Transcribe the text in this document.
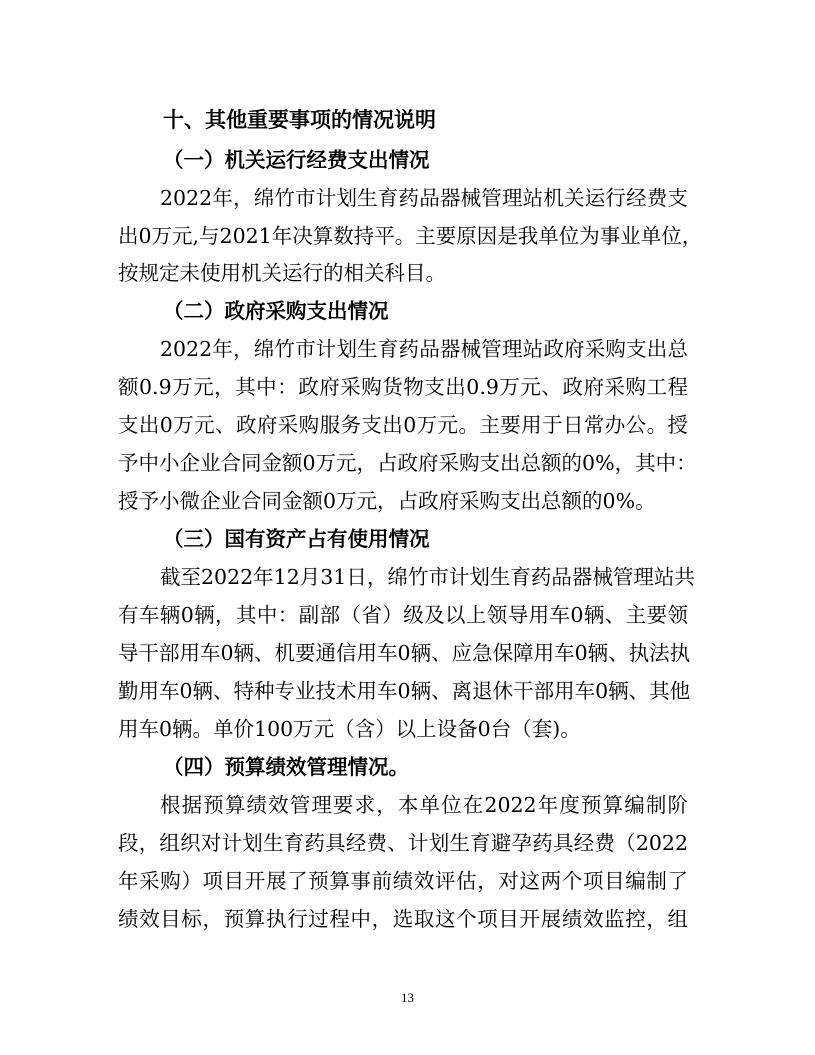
十、其他重要事项的情况说明
（一）机关运行经费支出情况
2022年，绵竹市计划生育药品器械管理站机关运行经费支
出0万元,与2021年决算数持平。主要原因是我单位为事业单位，
按规定未使用机关运行的相关科目。
（二）政府采购支出情况
2022年，绵竹市计划生育药品器械管理站政府采购支出总
额0.9万元，其中：政府采购货物支出0.9万元、政府采购工程
支出0万元、政府采购服务支出0万元。主要用于日常办公。授
予中小企业合同金额0万元，占政府采购支出总额的0%，其中：
授予小微企业合同金额0万元，占政府采购支出总额的0%。
（三）国有资产占有使用情况
截至2022年12月31日，绵竹市计划生育药品器械管理站共
有车辆0辆，其中：副部（省）级及以上领导用车0辆、主要领
导干部用车0辆、机要通信用车0辆、应急保障用车0辆、执法执
勤用车0辆、特种专业技术用车0辆、离退休干部用车0辆、其他
用车0辆。单价100万元（含）以上设备0台（套)。
（四）预算绩效管理情况。
根据预算绩效管理要求，本单位在2022年度预算编制阶
段，组织对计划生育药具经费、计划生育避孕药具经费（2022
年采购）项目开展了预算事前绩效评估，对这两个项目编制了
绩效目标，预算执行过程中，选取这个项目开展绩效监控，组
13
